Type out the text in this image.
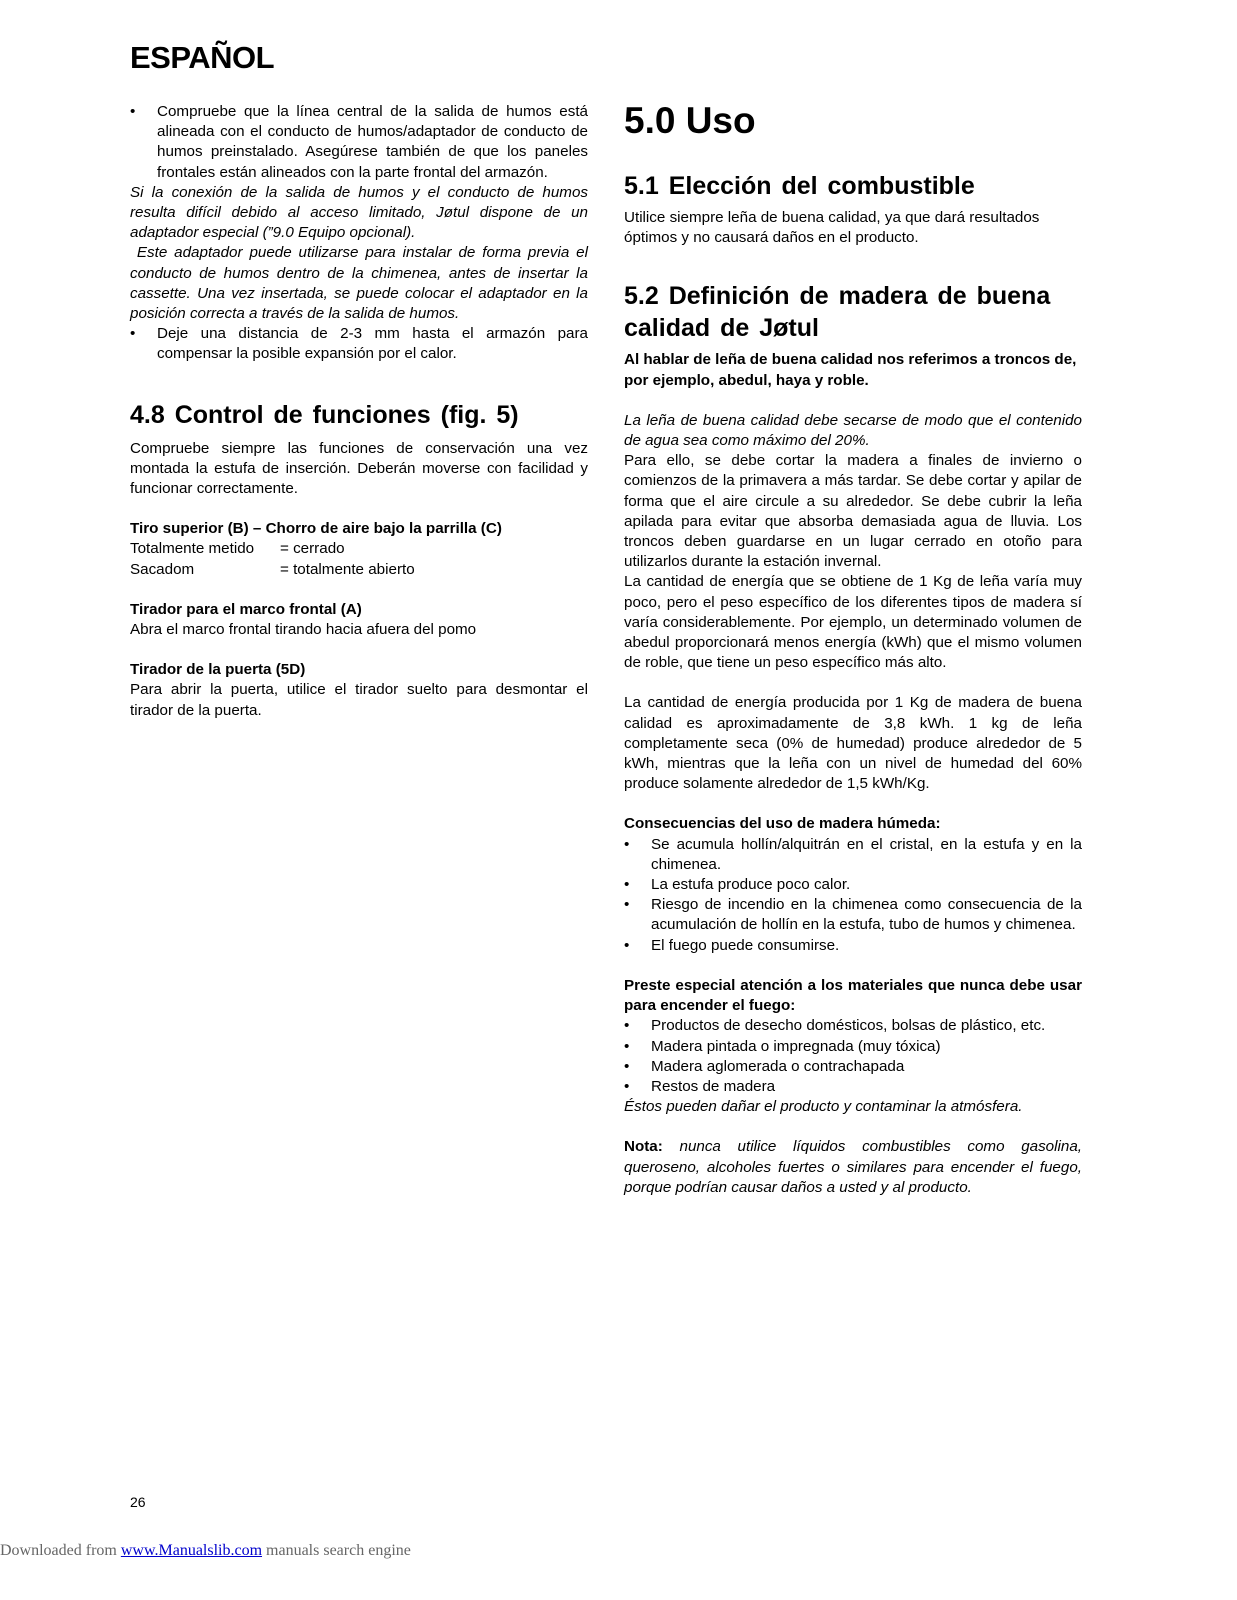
ESPAÑOL
• Compruebe que la línea central de la salida de humos está alineada con el conducto de humos/adaptador de conducto de humos preinstalado. Asegúrese también de que los paneles frontales están alineados con la parte frontal del armazón.

Si la conexión de la salida de humos y el conducto de humos resulta difícil debido al acceso limitado, Jøtul dispone de un adaptador especial (”9.0 Equipo opcional).

Este adaptador puede utilizarse para instalar de forma previa el conducto de humos dentro de la chimenea, antes de insertar la cassette. Una vez insertada, se puede colocar el adaptador en la posición correcta a través de la salida de humos.

• Deje una distancia de 2-3 mm hasta el armazón para compensar la posible expansión por el calor.
4.8 Control de funciones (fig. 5)

Compruebe siempre las funciones de conservación una vez montada la estufa de inserción. Deberán moverse con facilidad y funcionar correctamente.

Tiro superior (B) – Chorro de aire bajo la parrilla (C)

Totalmente metido	= cerrado
Sacadom	= totalmente abierto

Tirador para el marco frontal (A)

Abra el marco frontal tirando hacia afuera del pomo

Tirador de la puerta (5D)

Para abrir la puerta, utilice el tirador suelto para desmontar el tirador de la puerta.

5.0 Uso
5.1 Elección del combustible

Utilice siempre leña de buena calidad, ya que dará resultados óptimos y no causará daños en el producto.

5.2 Definición de madera de buena calidad de Jøtul

Al hablar de leña de buena calidad nos referimos a troncos de, por ejemplo, abedul, haya y roble.

La leña de buena calidad debe secarse de modo que el contenido de agua sea como máximo del 20%.

Para ello, se debe cortar la madera a finales de invierno o comienzos de la primavera a más tardar. Se debe cortar y apilar de forma que el aire circule a su alrededor. Se debe cubrir la leña apilada para evitar que absorba demasiada agua de lluvia. Los troncos deben guardarse en un lugar cerrado en otoño para utilizarlos durante la estación invernal.

La cantidad de energía que se obtiene de 1 Kg de leña varía muy poco, pero el peso específico de los diferentes tipos de madera sí varía considerablemente. Por ejemplo, un determinado volumen de abedul proporcionará menos energía (kWh) que el mismo volumen de roble, que tiene un peso específico más alto.

La cantidad de energía producida por 1 Kg de madera de buena calidad es aproximadamente de 3,8 kWh. 1 kg de leña completamente seca (0% de humedad) produce alrededor de 5 kWh, mientras que la leña con un nivel de humedad del 60% produce solamente alrededor de 1,5 kWh/Kg.

Consecuencias del uso de madera húmeda:

• Se acumula hollín/alquitrán en el cristal, en la estufa y en la chimenea.
• La estufa produce poco calor.
• Riesgo de incendio en la chimenea como consecuencia de la acumulación de hollín en la estufa, tubo de humos y chimenea.
• El fuego puede consumirse.

Preste especial atención a los materiales que nunca debe usar para encender el fuego:

• Productos de desecho domésticos, bolsas de plástico, etc.
• Madera pintada o impregnada (muy tóxica)
• Madera aglomerada o contrachapada
• Restos de madera

Éstos pueden dañar el producto y contaminar la atmósfera.

Nota: nunca utilice líquidos combustibles como gasolina, queroseno, alcoholes fuertes o similares para encender el fuego, porque podrían causar daños a usted y al producto.

26
Downloaded from www.Manualslib.com manuals search engine
